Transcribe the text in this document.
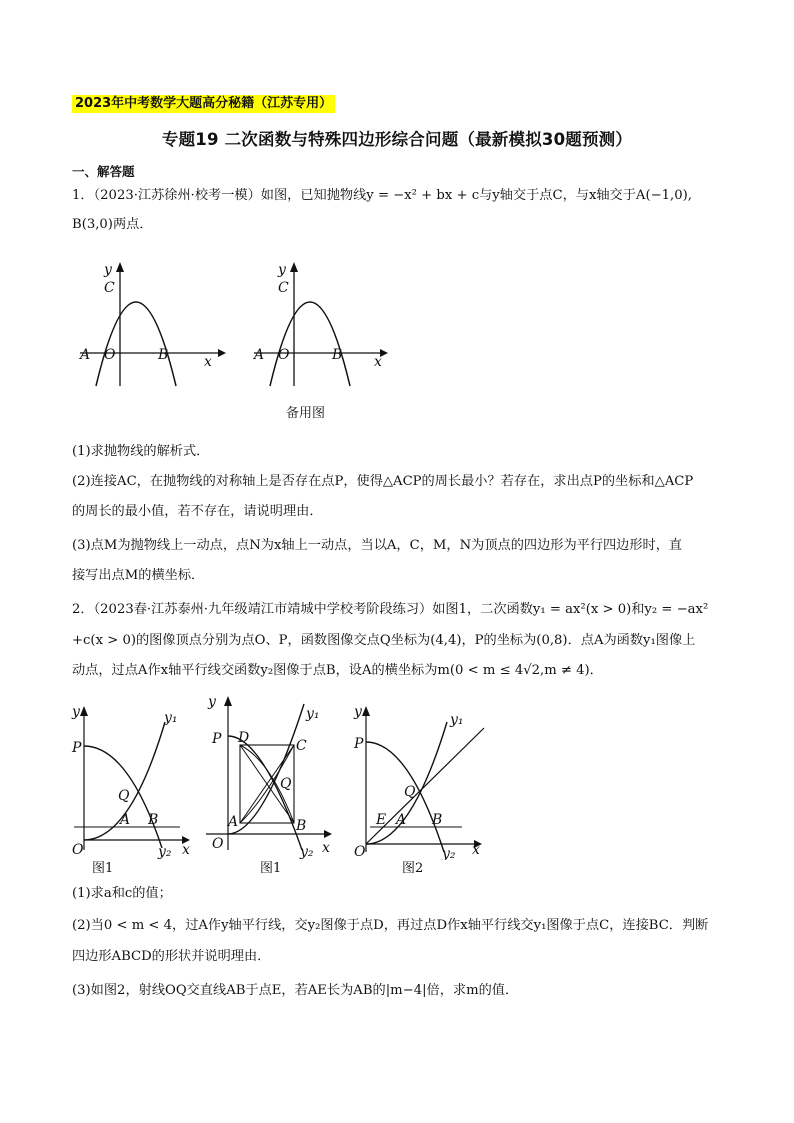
2023年中考数学大题高分秘籍（江苏专用）
专题19 二次函数与特殊四边形综合问题（最新模拟30题预测）
一、解答题
1．（2023·江苏徐州·校考一模）如图，已知抛物线y = −x² + bx + c与y轴交于点C，与x轴交于A(−1,0),
B(3,0)两点．
y
C
A O	B	x
y
C
A O	B x
备用图
(1)求抛物线的解析式．
(2)连接AC，在抛物线的对称轴上是否存在点P，使得△ACP的周长最小？若存在，求出点P的坐标和△ACP
的周长的最小值，若不存在，请说明理由．
(3)点M为抛物线上一动点，点N为x轴上一动点，当以A，C，M，N为顶点的四边形为平行四边形时，直
接写出点M的横坐标．
2．（2023春·江苏泰州·九年级靖江市靖城中学校考阶段练习）如图1，二次函数y₁ = ax²(x > 0)和y₂ = −ax²
+c(x > 0)的图像顶点分别为点O、P，函数图像交点Q坐标为(4,4)，P的坐标为(0,8)．点A为函数y₁图像上
动点，过点A作x轴平行线交函数y₂图像于点B，设A的横坐标为m(0 < m ≤ 4√2,m ≠ 4)．
y
P
Q
A B
O
y₁
y₂ x
图1
y
P D	C
Q
A	B
O
y₁
y₂ x
图1
y
P
Q
E A B
O
y₁
y₂ x
图2
(1)求a和c的值；
(2)当0 < m < 4，过A作y轴平行线，交y₂图像于点D，再过点D作x轴平行线交y₁图像于点C，连接BC．判断
四边形ABCD的形状并说明理由．
(3)如图2，射线OQ交直线AB于点E，若AE长为AB的|m−4|倍，求m的值．
